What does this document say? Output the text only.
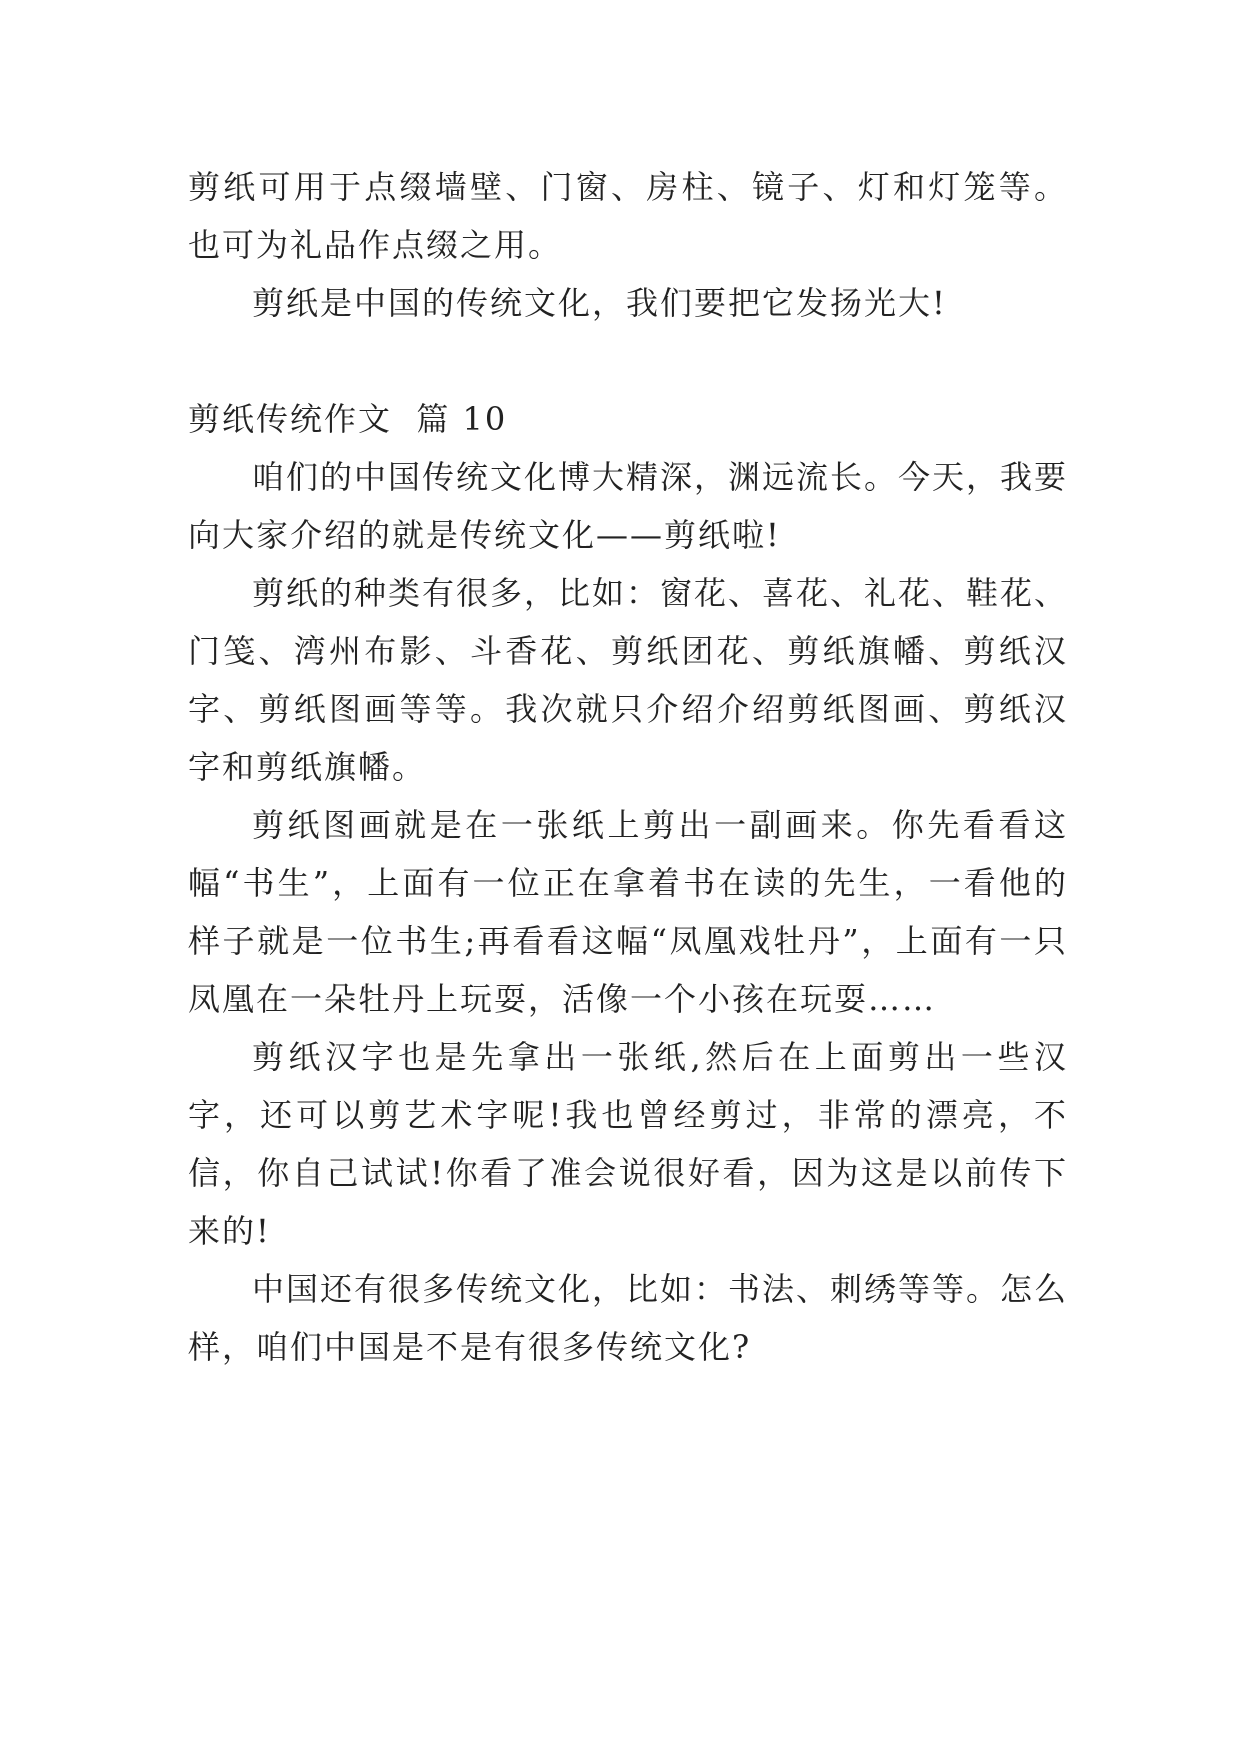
剪纸可用于点缀墙壁、门窗、房柱、镜子、灯和灯笼等。也可为礼品作点缀之用。

剪纸是中国的传统文化，我们要把它发扬光大!

剪纸传统作文  篇 10

咱们的中国传统文化博大精深，渊远流长。今天，我要向大家介绍的就是传统文化——剪纸啦!

剪纸的种类有很多，比如：窗花、喜花、礼花、鞋花、门笺、湾州布影、斗香花、剪纸团花、剪纸旗幡、剪纸汉字、剪纸图画等等。我次就只介绍介绍剪纸图画、剪纸汉字和剪纸旗幡。

剪纸图画就是在一张纸上剪出一副画来。你先看看这幅“书生”，上面有一位正在拿着书在读的先生，一看他的样子就是一位书生;再看看这幅“凤凰戏牡丹”，上面有一只凤凰在一朵牡丹上玩耍，活像一个小孩在玩耍……

剪纸汉字也是先拿出一张纸,然后在上面剪出一些汉字，还可以剪艺术字呢!我也曾经剪过，非常的漂亮，不信，你自己试试!你看了准会说很好看，因为这是以前传下来的!

中国还有很多传统文化，比如：书法、刺绣等等。怎么样，咱们中国是不是有很多传统文化?
